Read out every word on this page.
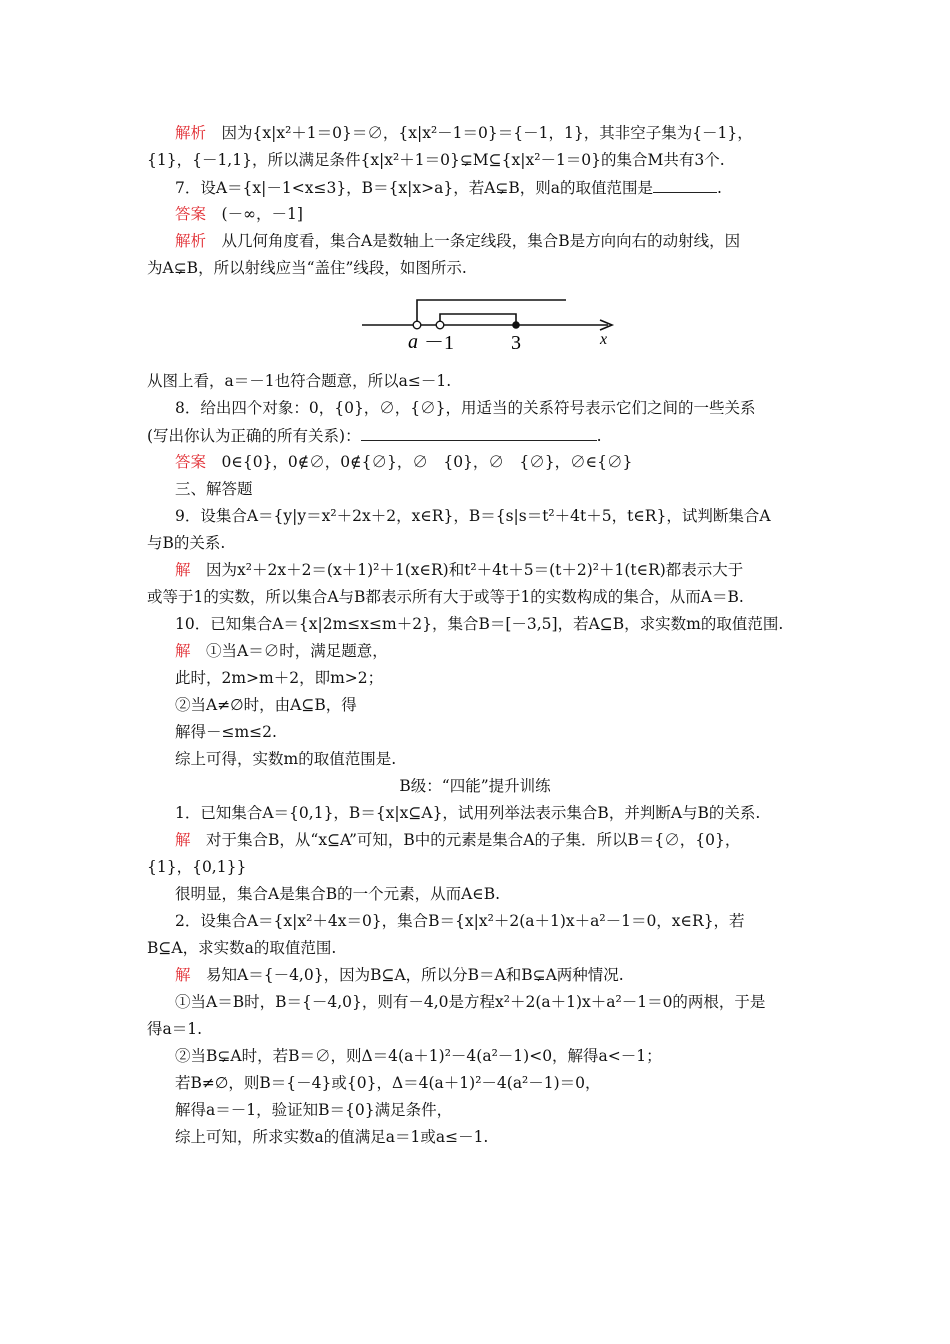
解析　因为{x|x²＋1＝0}＝∅，{x|x²－1＝0}＝{－1，1}，其非空子集为{－1}，
{1}，{－1,1}，所以满足条件{x|x²＋1＝0}⊊M⊆{x|x²－1＝0}的集合M共有3个.
7．设A＝{x|－1<x≤3}，B＝{x|x>a}，若A⊊B，则a的取值范围是	.
答案　(－∞，－1]
解析　从几何角度看，集合A是数轴上一条定线段，集合B是方向向右的动射线，因
为A⊊B，所以射线应当“盖住”线段，如图所示.
a －1	3	x
从图上看，a＝－1也符合题意，所以a≤－1.
8．给出四个对象：0，{0}，∅，{∅}，用适当的关系符号表示它们之间的一些关系
(写出你认为正确的所有关系)：	.
答案　0∈{0}，0∉∅，0∉{∅}，∅　{0}，∅　{∅}，∅∈{∅}
三、解答题
9．设集合A＝{y|y＝x²＋2x＋2，x∈R}，B＝{s|s＝t²＋4t＋5，t∈R}，试判断集合A
与B的关系.
解　因为x²＋2x＋2＝(x＋1)²＋1(x∈R)和t²＋4t＋5＝(t＋2)²＋1(t∈R)都表示大于
或等于1的实数，所以集合A与B都表示所有大于或等于1的实数构成的集合，从而A＝B.
10．已知集合A＝{x|2m≤x≤m＋2}，集合B＝[－3,5]，若A⊆B，求实数m的取值范围.
解　①当A＝∅时，满足题意，
此时，2m>m＋2，即m>2；
②当A≠∅时，由A⊆B，得
解得－≤m≤2.
综上可得，实数m的取值范围是.
B级：“四能”提升训练
1．已知集合A＝{0,1}，B＝{x|x⊆A}，试用列举法表示集合B，并判断A与B的关系.
解　对于集合B，从“x⊆A”可知，B中的元素是集合A的子集．所以B＝{∅，{0}，
{1}，{0,1}}
很明显，集合A是集合B的一个元素，从而A∈B.
2．设集合A＝{x|x²＋4x＝0}，集合B＝{x|x²＋2(a＋1)x＋a²－1＝0，x∈R}，若
B⊆A，求实数a的取值范围.
解　易知A＝{－4,0}，因为B⊆A，所以分B＝A和B⊊A两种情况.
①当A＝B时，B＝{－4,0}，则有－4,0是方程x²＋2(a＋1)x＋a²－1＝0的两根，于是
得a＝1.
②当B⊊A时，若B＝∅，则Δ＝4(a＋1)²－4(a²－1)<0，解得a<－1；
若B≠∅，则B＝{－4}或{0}，Δ＝4(a＋1)²－4(a²－1)＝0，
解得a＝－1，验证知B＝{0}满足条件，
综上可知，所求实数a的值满足a＝1或a≤－1.
